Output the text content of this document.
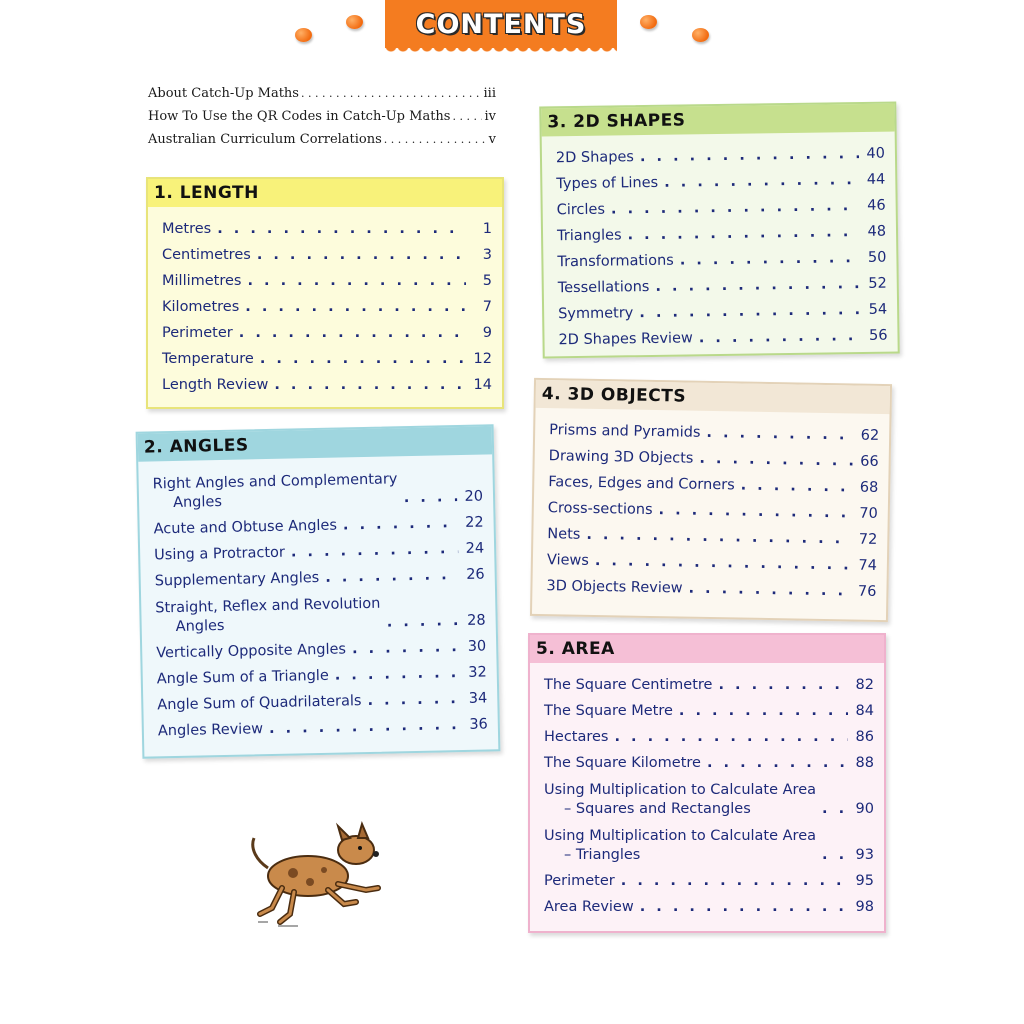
CONTENTS
About Catch-Up Maths . . .	iii
How To Use the QR Codes in Catch-Up Maths . . .	iv
Australian Curriculum Correlations . . .	v
1. LENGTH
Metres . . .	1
Centimetres . . .	3
Millimetres . . .	5
Kilometres . . .	7
Perimeter . . .	9
Temperature . . .	12
Length Review . . .	14
2. ANGLES
Right Angles and Complementary
Angles . . .	20
Acute and Obtuse Angles . . .	22
Using a Protractor . . .	24
Supplementary Angles . . .	26
Straight, Reflex and Revolution
Angles . . .	28
Vertically Opposite Angles . . .	30
Angle Sum of a Triangle . . .	32
Angle Sum of Quadrilaterals . . .	34
Angles Review . . .	36
3. 2D SHAPES
2D Shapes . . .	40
Types of Lines . . .	44
Circles . . .	46
Triangles . . .	48
Transformations . . .	50
Tessellations . . .	52
Symmetry . . .	54
2D Shapes Review . . .	56
4. 3D OBJECTS
Prisms and Pyramids . . .	62
Drawing 3D Objects . . .	66
Faces, Edges and Corners . . .	68
Cross-sections . . .	70
Nets . . .	72
Views . . .	74
3D Objects Review . . .	76
5. AREA
The Square Centimetre . . .	82
The Square Metre . . .	84
Hectares . . .	86
The Square Kilometre . . .	88
Using Multiplication to Calculate Area
– Squares and Rectangles . . .	90
Using Multiplication to Calculate Area
– Triangles . . .	93
Perimeter . . .	95
Area Review . . .	98
